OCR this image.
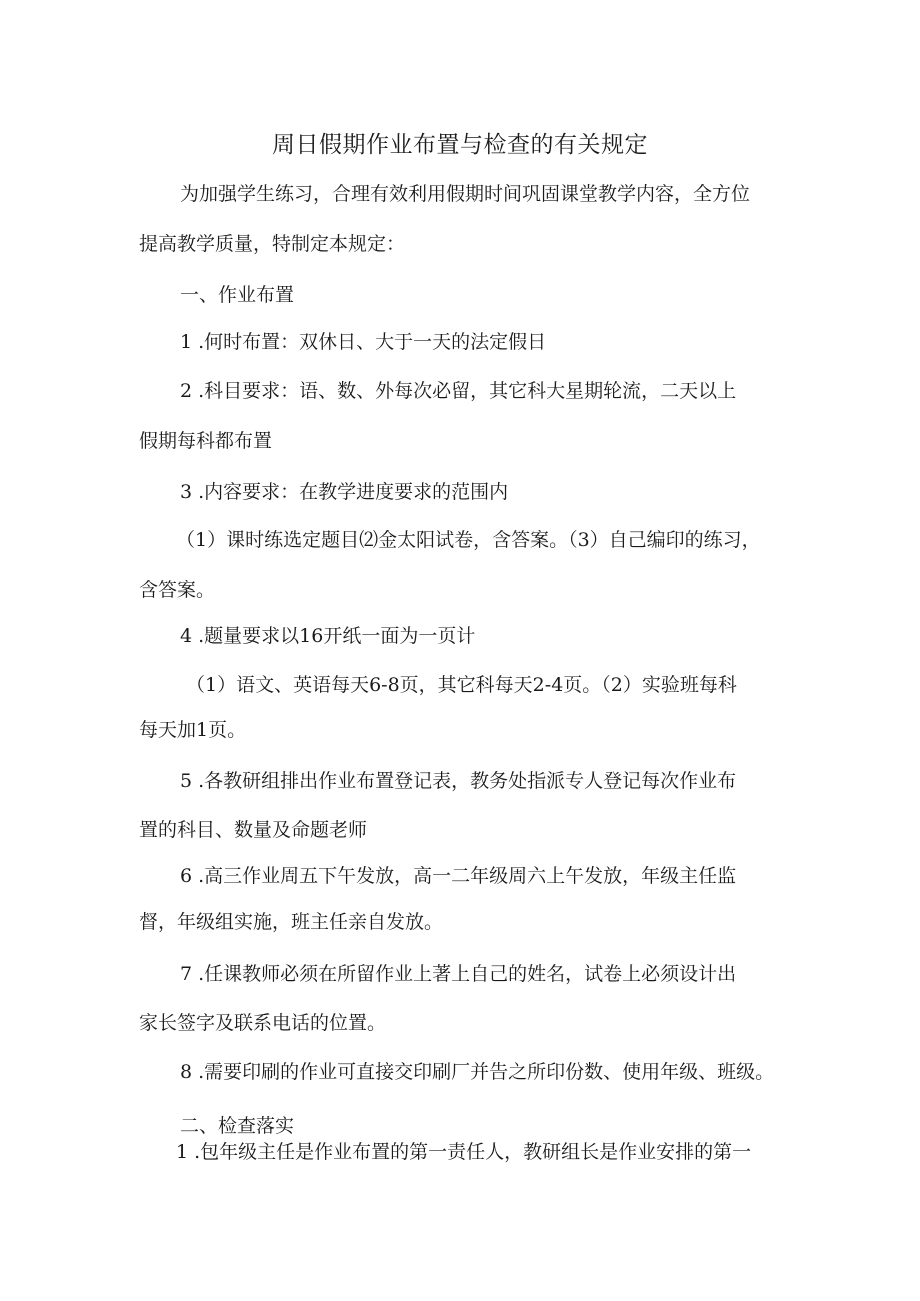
周日假期作业布置与检查的有关规定
为加强学生练习，合理有效利用假期时间巩固课堂教学内容，全方位
提高教学质量，特制定本规定：
一、作业布置
1 .何时布置：双休日、大于一天的法定假日
2 .科目要求：语、数、外每次必留，其它科大星期轮流，二天以上
假期每科都布置
3 .内容要求：在教学进度要求的范围内
（1）课时练选定题目⑵金太阳试卷，含答案。（3）自己编印的练习，
含答案。
4 .题量要求以16开纸一面为一页计
（1）语文、英语每天6-8页，其它科每天2-4页。（2）实验班每科
每天加1页。
5 .各教研组排出作业布置登记表，教务处指派专人登记每次作业布
置的科目、数量及命题老师
6 .高三作业周五下午发放，高一二年级周六上午发放，年级主任监
督，年级组实施，班主任亲自发放。
7 .任课教师必须在所留作业上著上自己的姓名，试卷上必须设计出
家长签字及联系电话的位置。
8 .需要印刷的作业可直接交印刷厂并告之所印份数、使用年级、班级。
二、检查落实
1 .包年级主任是作业布置的第一责任人，教研组长是作业安排的第一
